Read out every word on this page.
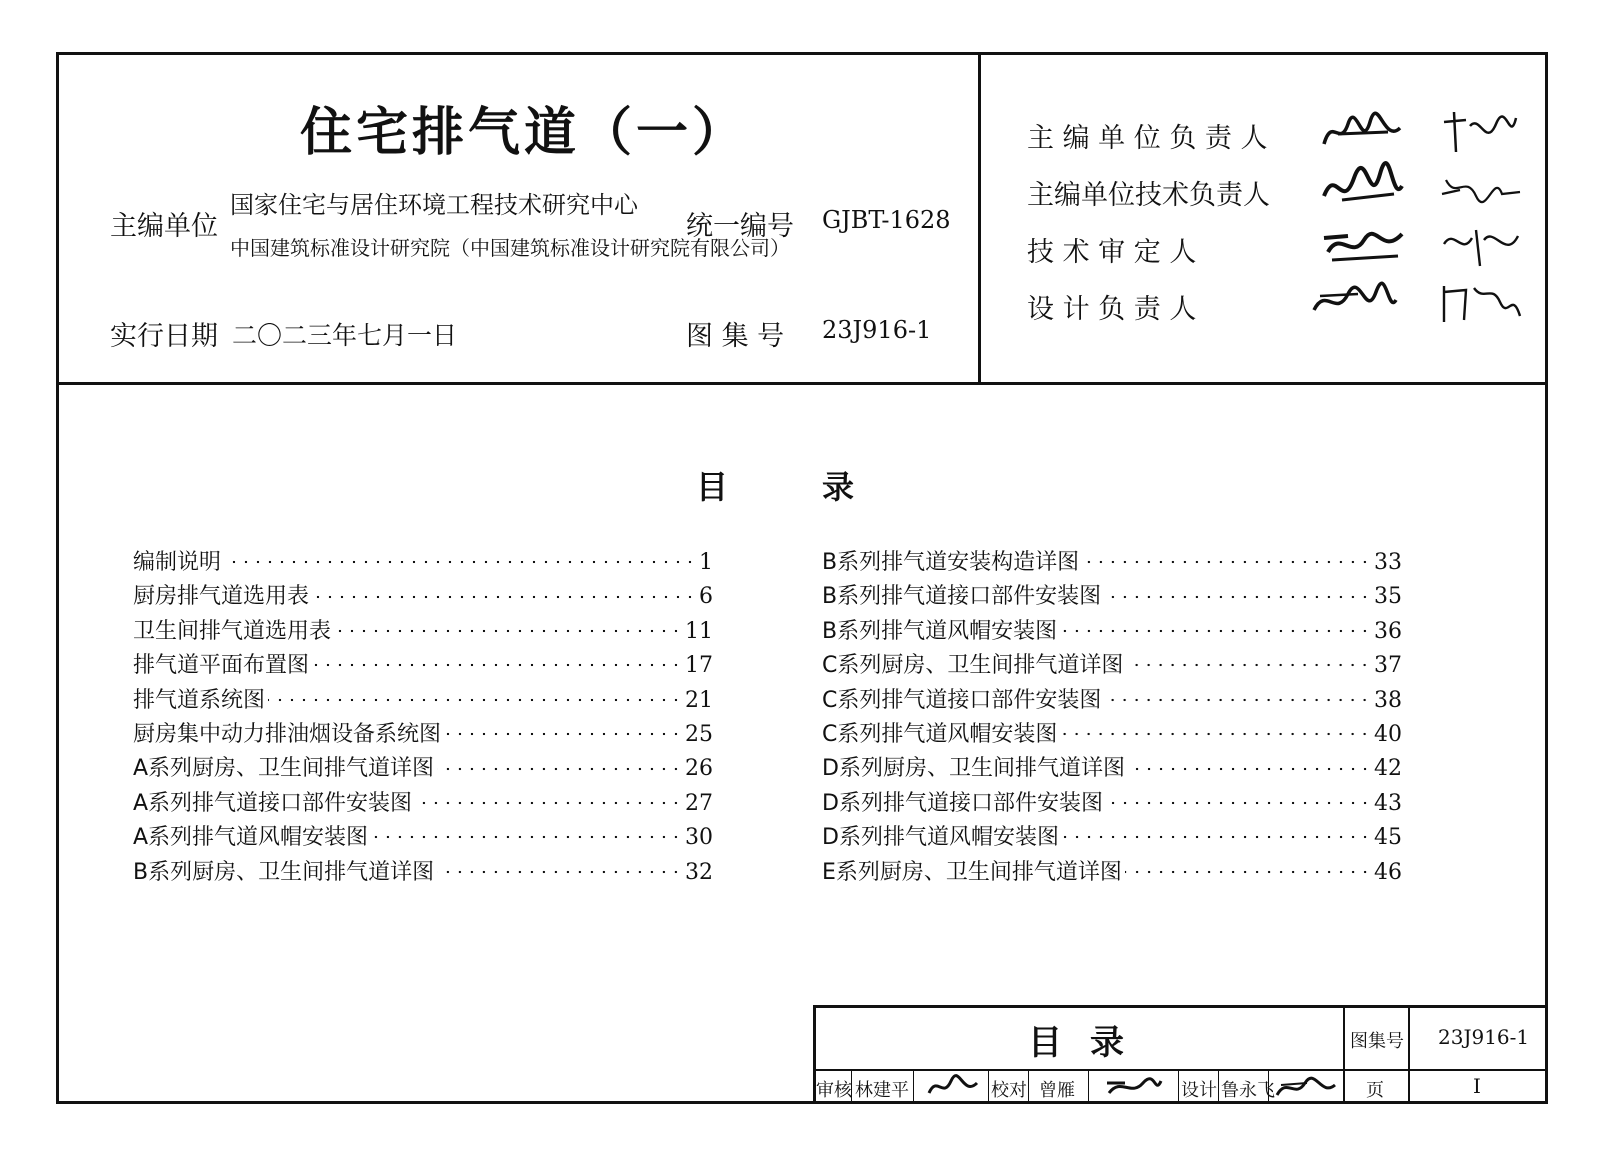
住宅排气道（一）
主编单位
国家住宅与居住环境工程技术研究中心
中国建筑标准设计研究院（中国建筑标准设计研究院有限公司）
统一编号 GJBT-1628
实行日期 二〇二三年七月一日	图 集 号 23J916-1
主 编 单 位 负 责 人
主编单位技术负责人
技 术 审 定 人
设 计 负 责 人
目	录
编制说明	1
厨房排气道选用表	6
卫生间排气道选用表	11
排气道平面布置图	17
排气道系统图	21
厨房集中动力排油烟设备系统图	25
A系列厨房、卫生间排气道详图	26
A系列排气道接口部件安装图	27
A系列排气道风帽安装图	30
B系列厨房、卫生间排气道详图	32
B系列排气道安装构造详图	33
B系列排气道接口部件安装图	35
B系列排气道风帽安装图	36
C系列厨房、卫生间排气道详图	37
C系列排气道接口部件安装图	38
C系列排气道风帽安装图	40
D系列厨房、卫生间排气道详图	42
D系列排气道接口部件安装图	43
D系列排气道风帽安装图	45
E系列厨房、卫生间排气道详图	46
目录	图集号 23J916-1
审核 林建平	校对 曾雁	设计 鲁永飞	页	I
